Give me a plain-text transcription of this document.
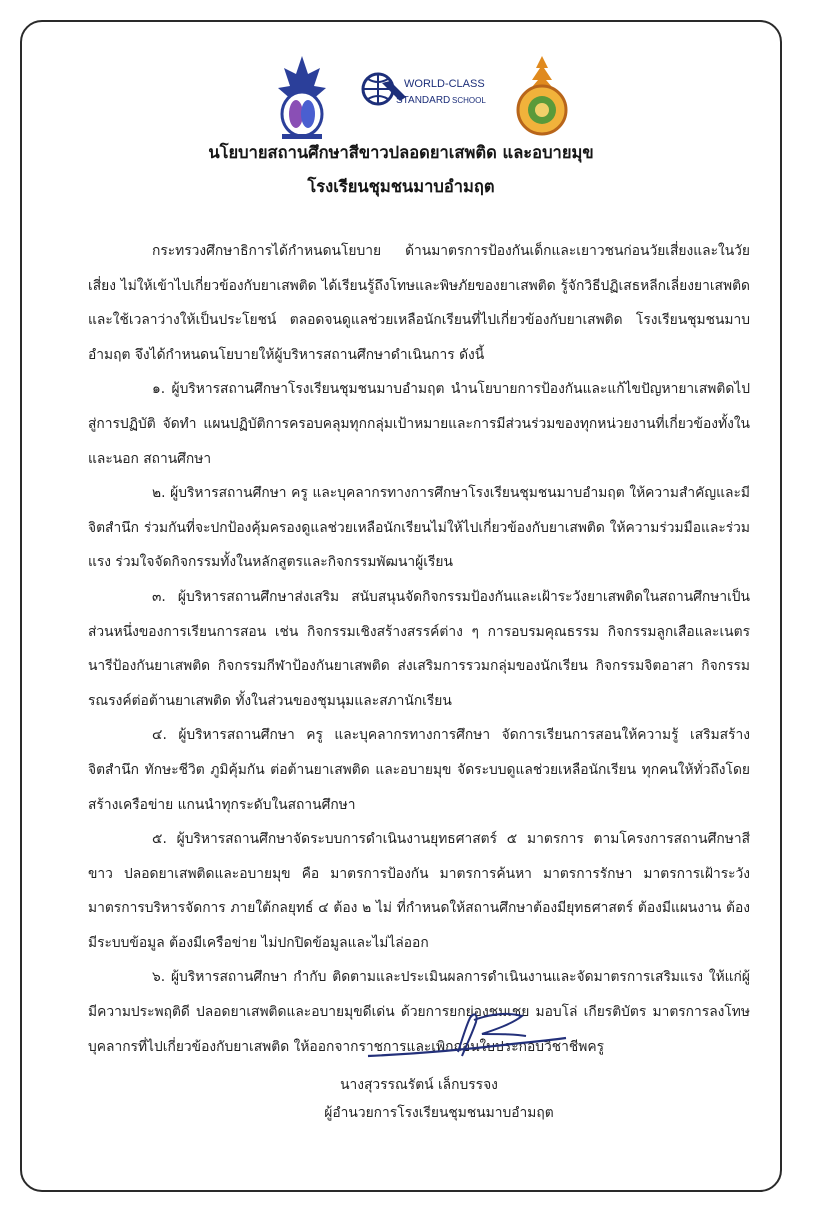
WORLD-CLASS
STANDARD SCHOOL
นโยบายสถานศึกษาสีขาวปลอดยาเสพติด และอบายมุข
โรงเรียนชุมชนมาบอำมฤต

กระทรวงศึกษาธิการได้กำหนดนโยบาย ด้านมาตรการป้องกันเด็กและเยาวชนก่อนวัยเสี่ยงและในวัยเสี่ยง ไม่ให้เข้าไปเกี่ยวข้องกับยาเสพติด ได้เรียนรู้ถึงโทษและพิษภัยของยาเสพติด รู้จักวิธีปฏิเสธหลีกเลี่ยงยาเสพติดและใช้เวลาว่างให้เป็นประโยชน์ ตลอดจนดูแลช่วยเหลือนักเรียนที่ไปเกี่ยวข้องกับยาเสพติด โรงเรียนชุมชนมาบอำมฤต จึงได้กำหนดนโยบายให้ผู้บริหารสถานศึกษาดำเนินการ ดังนี้

๑. ผู้บริหารสถานศึกษาโรงเรียนชุมชนมาบอำมฤต นำนโยบายการป้องกันและแก้ไขปัญหายาเสพติดไปสู่การปฏิบัติ จัดทำ แผนปฏิบัติการครอบคลุมทุกกลุ่มเป้าหมายและการมีส่วนร่วมของทุกหน่วยงานที่เกี่ยวข้องทั้งในและนอก สถานศึกษา

๒. ผู้บริหารสถานศึกษา ครู และบุคลากรทางการศึกษาโรงเรียนชุมชนมาบอำมฤต ให้ความสำคัญและมีจิตสำนึก ร่วมกันที่จะปกป้องคุ้มครองดูแลช่วยเหลือนักเรียนไม่ให้ไปเกี่ยวข้องกับยาเสพติด ให้ความร่วมมือและร่วมแรง ร่วมใจจัดกิจกรรมทั้งในหลักสูตรและกิจกรรมพัฒนาผู้เรียน

๓. ผู้บริหารสถานศึกษาส่งเสริม สนับสนุนจัดกิจกรรมป้องกันและเฝ้าระวังยาเสพติดในสถานศึกษาเป็นส่วนหนึ่งของการเรียนการสอน เช่น กิจกรรมเชิงสร้างสรรค์ต่าง ๆ การอบรมคุณธรรม กิจกรรมลูกเสือและเนตรนารีป้องกันยาเสพติด กิจกรรมกีฬาป้องกันยาเสพติด ส่งเสริมการรวมกลุ่มของนักเรียน กิจกรรมจิตอาสา กิจกรรมรณรงค์ต่อต้านยาเสพติด ทั้งในส่วนของชุมนุมและสภานักเรียน

๔. ผู้บริหารสถานศึกษา ครู และบุคลากรทางการศึกษา จัดการเรียนการสอนให้ความรู้ เสริมสร้างจิตสำนึก ทักษะชีวิต ภูมิคุ้มกัน ต่อต้านยาเสพติด และอบายมุข จัดระบบดูแลช่วยเหลือนักเรียน ทุกคนให้ทั่วถึงโดยสร้างเครือข่าย แกนนำทุกระดับในสถานศึกษา

๕. ผู้บริหารสถานศึกษาจัดระบบการดำเนินงานยุทธศาสตร์ ๕ มาตรการ ตามโครงการสถานศึกษาสีขาว ปลอดยาเสพติดและอบายมุข คือ มาตรการป้องกัน มาตรการค้นหา มาตรการรักษา มาตรการเฝ้าระวัง มาตรการบริหารจัดการ ภายใต้กลยุทธ์ ๔ ต้อง ๒ ไม่ ที่กำหนดให้สถานศึกษาต้องมียุทธศาสตร์ ต้องมีแผนงาน ต้องมีระบบข้อมูล ต้องมีเครือข่าย ไม่ปกปิดข้อมูลและไม่ไล่ออก

๖. ผู้บริหารสถานศึกษา กำกับ ติดตามและประเมินผลการดำเนินงานและจัดมาตรการเสริมแรง ให้แก่ผู้มีความประพฤติดี ปลอดยาเสพติดและอบายมุขดีเด่น ด้วยการยกย่องชมเชย มอบโล่ เกียรติบัตร มาตรการลงโทษบุคลากรที่ไปเกี่ยวข้องกับยาเสพติด ให้ออกจากราชการและเพิกถอนใบประกอบวิชาชีพครู

นางสุวรรณรัตน์ เล็กบรรจง
ผู้อำนวยการโรงเรียนชุมชนมาบอำมฤต
